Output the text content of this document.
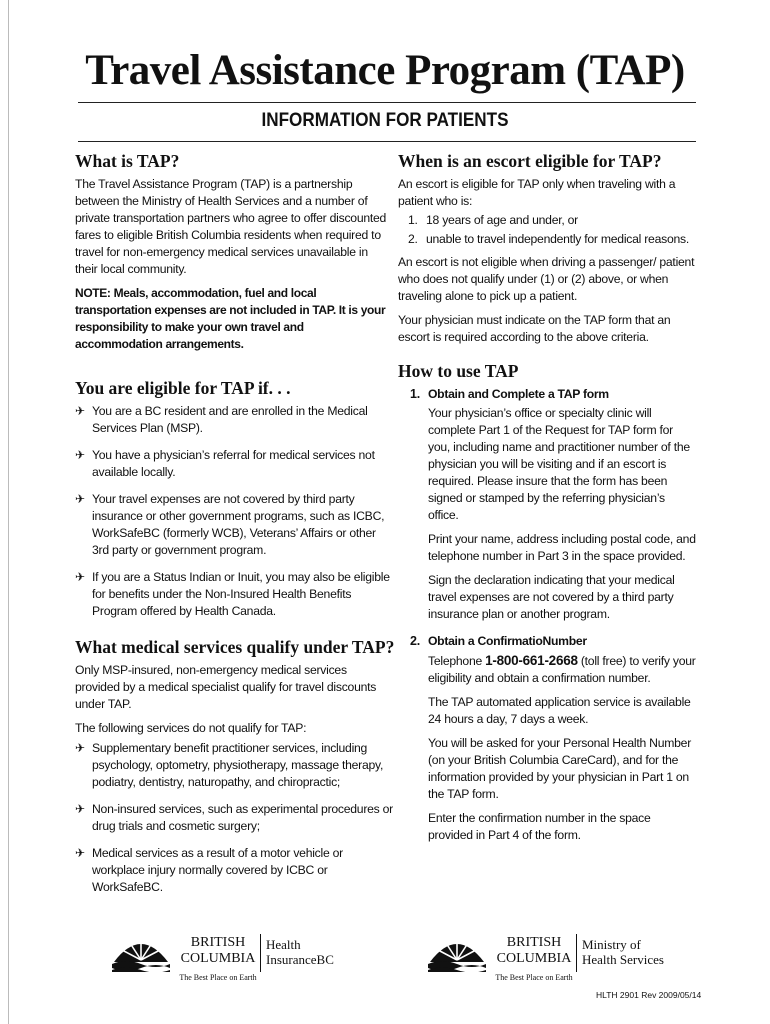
Travel Assistance Program (TAP)
INFORMATION FOR PATIENTS
What is TAP?

The Travel Assistance Program (TAP) is a partnership between the Ministry of Health Services and a number of private transportation partners who agree to offer discounted fares to eligible British Columbia residents when required to travel for non-emergency medical services unavailable in their local community.

NOTE: Meals, accommodation, fuel and local transportation expenses are not included in TAP. It is your responsibility to make your own travel and accommodation arrangements.
You are eligible for TAP if. . .
✈ You are a BC resident and are enrolled in the Medical Services Plan (MSP).
✈ You have a physician’s referral for medical services not available locally.
✈ Your travel expenses are not covered by third party insurance or other government programs, such as ICBC, WorkSafeBC (formerly WCB), Veterans’ Affairs or other 3rd party or government program.
✈ If you are a Status Indian or Inuit, you may also be eligible for benefits under the Non-Insured Health Benefits Program offered by Health Canada.
What medical services qualify under TAP?

Only MSP-insured, non-emergency medical services provided by a medical specialist qualify for travel discounts under TAP.

The following services do not qualify for TAP:

✈ Supplementary benefit practitioner services, including psychology, optometry, physiotherapy, massage therapy, podiatry, dentistry, naturopathy, and chiropractic;
✈ Non-insured services, such as experimental procedures or drug trials and cosmetic surgery;
✈ Medical services as a result of a motor vehicle or workplace injury normally covered by ICBC or WorkSafeBC.
When is an escort eligible for TAP?

An escort is eligible for TAP only when traveling with a patient who is:

1. 18 years of age and under, or
2. unable to travel independently for medical reasons.

An escort is not eligible when driving a passenger/ patient who does not qualify under (1) or (2) above, or when traveling alone to pick up a patient.

Your physician must indicate on the TAP form that an escort is required according to the above criteria.

How to use TAP
1. Obtain and Complete a TAP form

Your physician’s office or specialty clinic will complete Part 1 of the Request for TAP form for you, including name and practitioner number of the physician you will be visiting and if an escort is required. Please insure that the form has been signed or stamped by the referring physician’s office.

Print your name, address including postal code, and telephone number in Part 3 in the space provided.

Sign the declaration indicating that your medical travel expenses are not covered by a third party insurance plan or another program.

2. Obtain a ConfirmatioNumber

Telephone 1-800-661-2668 (toll free) to verify your eligibility and obtain a confirmation number.

The TAP automated application service is available 24 hours a day, 7 days a week.

You will be asked for your Personal Health Number (on your British Columbia CareCard), and for the information provided by your physician in Part 1 on the TAP form.

Enter the confirmation number in the space provided in Part 4 of the form.

BRITISH
COLUMBIA
Health
InsuranceBC
The Best Place on Earth
BRITISH
COLUMBIA
Ministry of
Health Services
The Best Place on Earth
HLTH 2901 Rev 2009/05/14
